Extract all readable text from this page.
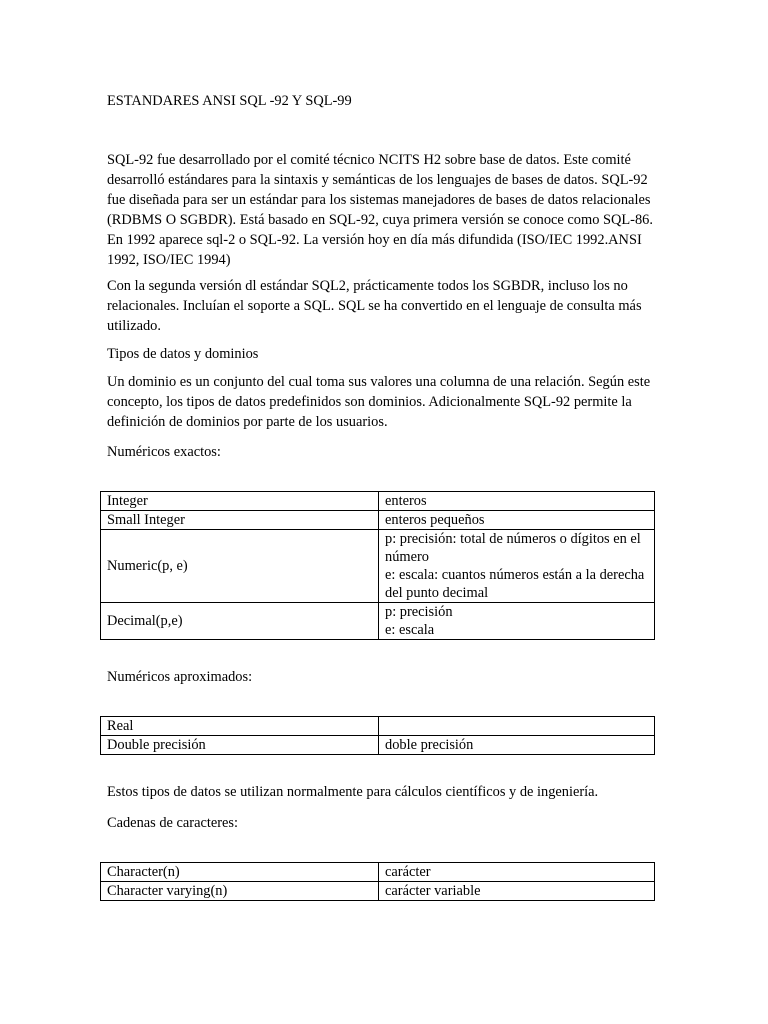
ESTANDARES ANSI SQL -92 Y SQL-99

SQL-92 fue desarrollado por el comité técnico NCITS H2 sobre base de datos. Este comité desarrolló estándares para la sintaxis y semánticas de los lenguajes de bases de datos. SQL-92 fue diseñada para ser un estándar para los sistemas manejadores de bases de datos relacionales (RDBMS O SGBDR). Está basado en SQL-92, cuya primera versión se conoce como SQL-86. En 1992 aparece sql-2 o SQL-92. La versión hoy en día más difundida (ISO/IEC 1992.ANSI 1992, ISO/IEC 1994)

Con la segunda versión dl estándar SQL2, prácticamente todos los SGBDR, incluso los no relacionales. Incluían el soporte a SQL. SQL se ha convertido en el lenguaje de consulta más utilizado.

Tipos de datos y dominios

Un dominio es un conjunto del cual toma sus valores una columna de una relación. Según este concepto, los tipos de datos predefinidos son dominios. Adicionalmente SQL-92 permite la definición de dominios por parte de los usuarios.

Numéricos exactos:

Numéricos aproximados:

Estos tipos de datos se utilizan normalmente para cálculos científicos y de ingeniería.

Cadenas de caracteres:

Integer	enteros

Small Integer	enteros pequeños

Numeric(p, e)	p: precisión: total de números o dígitos en el número
e: escala: cuantos números están a la derecha del punto decimal

Decimal(p,e)	p: precisión
e: escala
Real	

Double precisión	doble precisión
Character(n)	carácter

Character varying(n)	carácter variable
